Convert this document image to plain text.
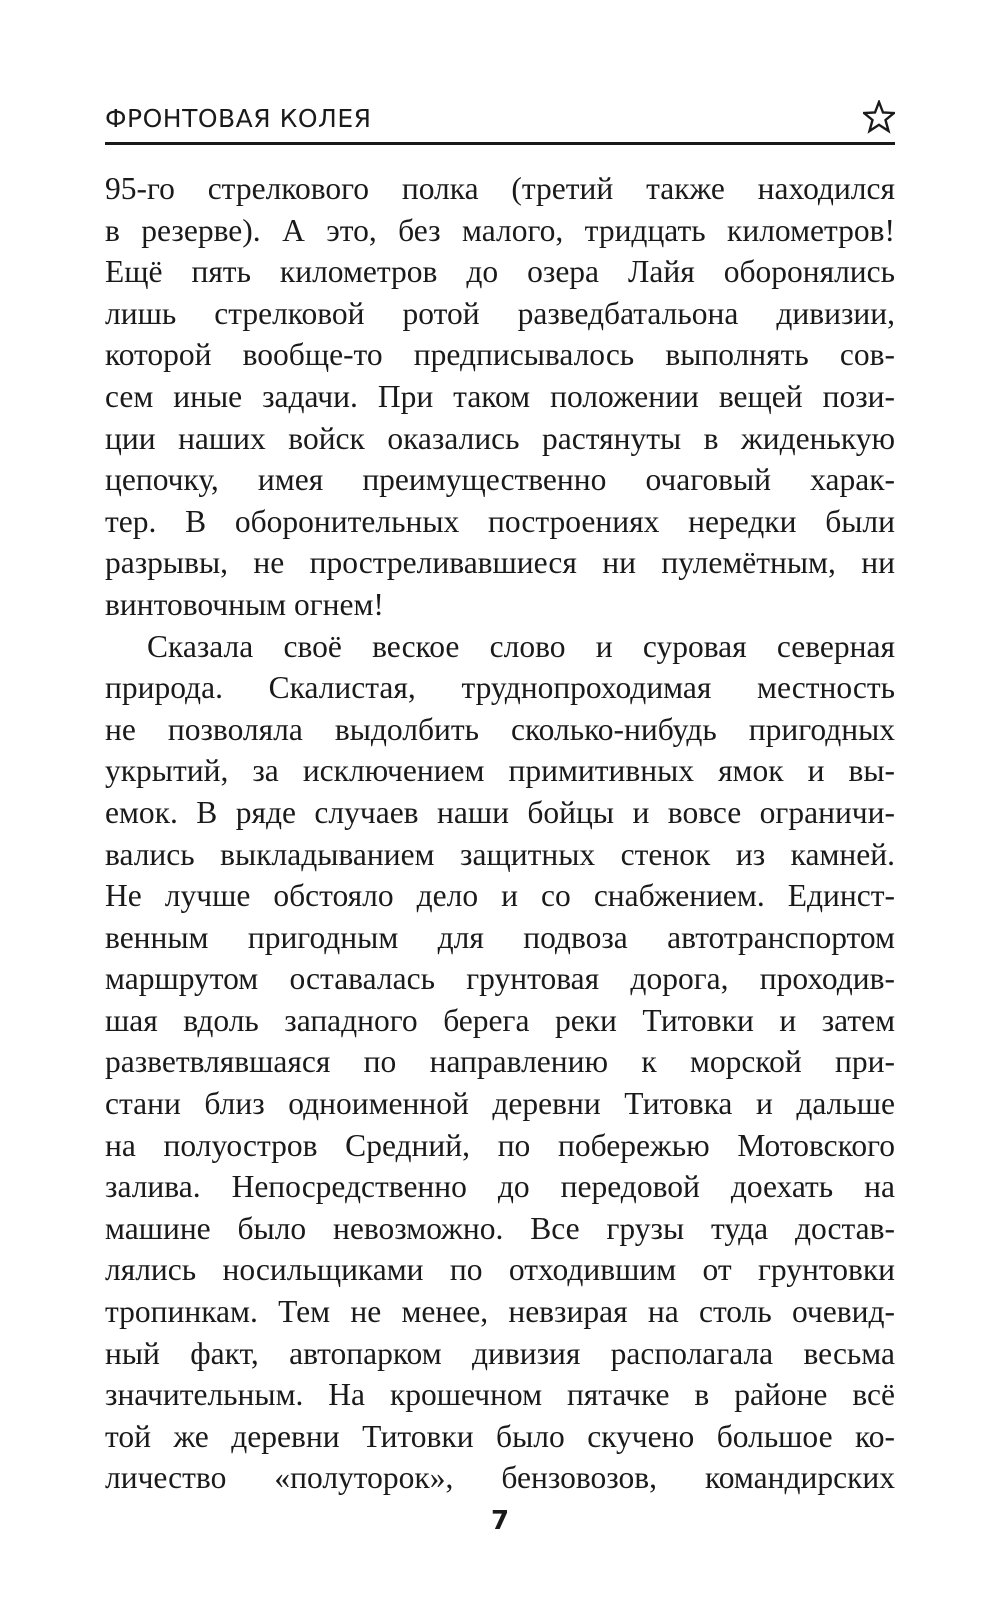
ФРОНТОВАЯ КОЛЕЯ
95-го стрелкового полка (третий также находился
в резерве). А это, без малого, тридцать километров!
Ещё пять километров до озера Лайя оборонялись
лишь стрелковой ротой разведбатальона дивизии,
которой вообще-то предписывалось выполнять сов-
сем иные задачи. При таком положении вещей пози-
ции наших войск оказались растянуты в жиденькую
цепочку, имея преимущественно очаговый харак-
тер. В оборонительных построениях нередки были
разрывы, не простреливавшиеся ни пулемётным, ни
винтовочным огнем!
Сказала своё веское слово и суровая северная
природа. Скалистая, труднопроходимая местность
не позволяла выдолбить сколько-нибудь пригодных
укрытий, за исключением примитивных ямок и вы-
емок. В ряде случаев наши бойцы и вовсе ограничи-
вались выкладыванием защитных стенок из камней.
Не лучше обстояло дело и со снабжением. Единст-
венным пригодным для подвоза автотранспортом
маршрутом оставалась грунтовая дорога, проходив-
шая вдоль западного берега реки Титовки и затем
разветвлявшаяся по направлению к морской при-
стани близ одноименной деревни Титовка и дальше
на полуостров Средний, по побережью Мотовского
залива. Непосредственно до передовой доехать на
машине было невозможно. Все грузы туда достав-
лялись носильщиками по отходившим от грунтовки
тропинкам. Тем не менее, невзирая на столь очевид-
ный факт, автопарком дивизия располагала весьма
значительным. На крошечном пятачке в районе всё
той же деревни Титовки было скучено большое ко-
личество «полуторок», бензовозов, командирских
7
